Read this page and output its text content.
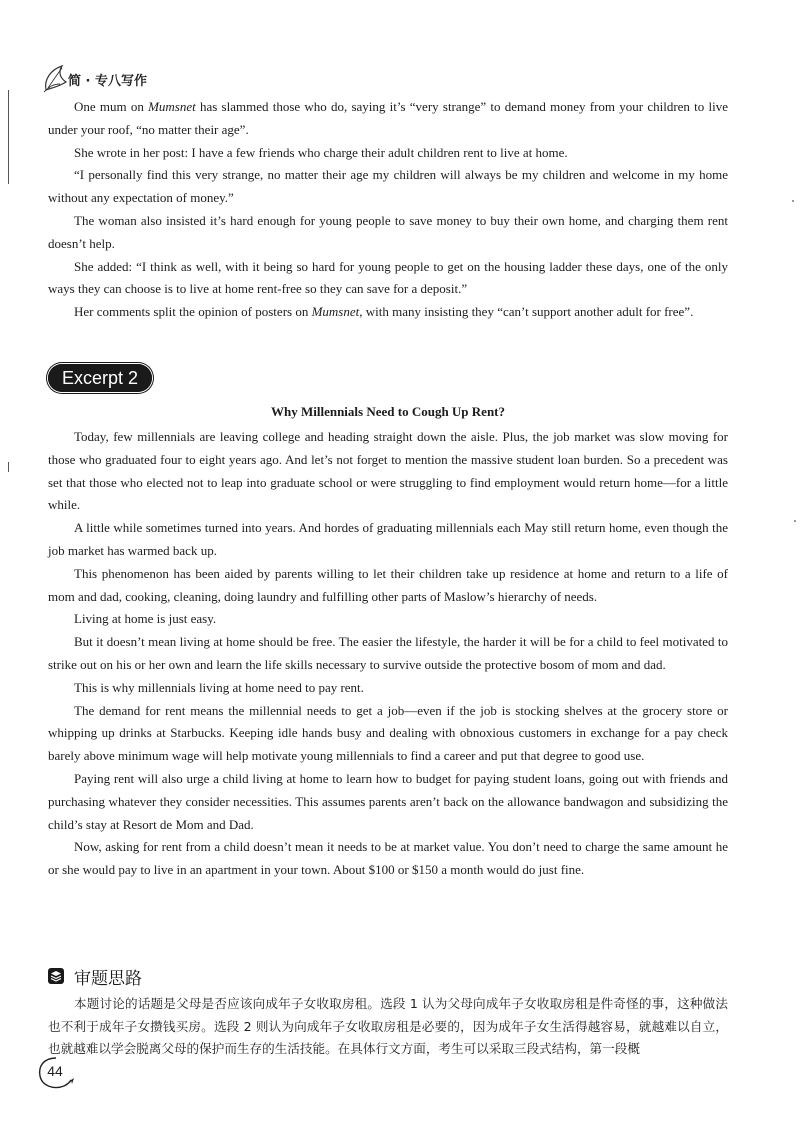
简 · 专八写作

One mum on Mumsnet has slammed those who do, saying it’s “very strange” to demand money from your children to live under your roof, “no matter their age”.

She wrote in her post: I have a few friends who charge their adult children rent to live at home.

“I personally find this very strange, no matter their age my children will always be my children and welcome in my home without any expectation of money.”

The woman also insisted it’s hard enough for young people to save money to buy their own home, and charging them rent doesn’t help.

She added: “I think as well, with it being so hard for young people to get on the housing ladder these days, one of the only ways they can choose is to live at home rent-free so they can save for a deposit.”

Her comments split the opinion of posters on Mumsnet, with many insisting they “can’t support another adult for free”.

Excerpt 2

Why Millennials Need to Cough Up Rent?

Today, few millennials are leaving college and heading straight down the aisle. Plus, the job market was slow moving for those who graduated four to eight years ago. And let’s not forget to mention the massive student loan burden. So a precedent was set that those who elected not to leap into graduate school or were struggling to find employment would return home—for a little while.

A little while sometimes turned into years. And hordes of graduating millennials each May still return home, even though the job market has warmed back up.

This phenomenon has been aided by parents willing to let their children take up residence at home and return to a life of mom and dad, cooking, cleaning, doing laundry and fulfilling other parts of Maslow’s hierarchy of needs.

Living at home is just easy.

But it doesn’t mean living at home should be free. The easier the lifestyle, the harder it will be for a child to feel motivated to strike out on his or her own and learn the life skills necessary to survive outside the protective bosom of mom and dad.

This is why millennials living at home need to pay rent.

The demand for rent means the millennial needs to get a job—even if the job is stocking shelves at the grocery store or whipping up drinks at Starbucks. Keeping idle hands busy and dealing with obnoxious customers in exchange for a pay check barely above minimum wage will help motivate young millennials to find a career and put that degree to good use.

Paying rent will also urge a child living at home to learn how to budget for paying student loans, going out with friends and purchasing whatever they consider necessities. This assumes parents aren’t back on the allowance bandwagon and subsidizing the child’s stay at Resort de Mom and Dad.

Now, asking for rent from a child doesn’t mean it needs to be at market value. You don’t need to charge the same amount he or she would pay to live in an apartment in your town. About $100 or $150 a month would do just fine.

审题思路

本题讨论的话题是父母是否应该向成年子女收取房租。选段 1 认为父母向成年子女收取房租是件奇怪的事，这种做法也不利于成年子女攒钱买房。选段 2 则认为向成年子女收取房租是必要的，因为成年子女生活得越容易，就越难以自立，也就越难以学会脱离父母的保护而生存的生活技能。在具体行文方面，考生可以采取三段式结构，第一段概

44
